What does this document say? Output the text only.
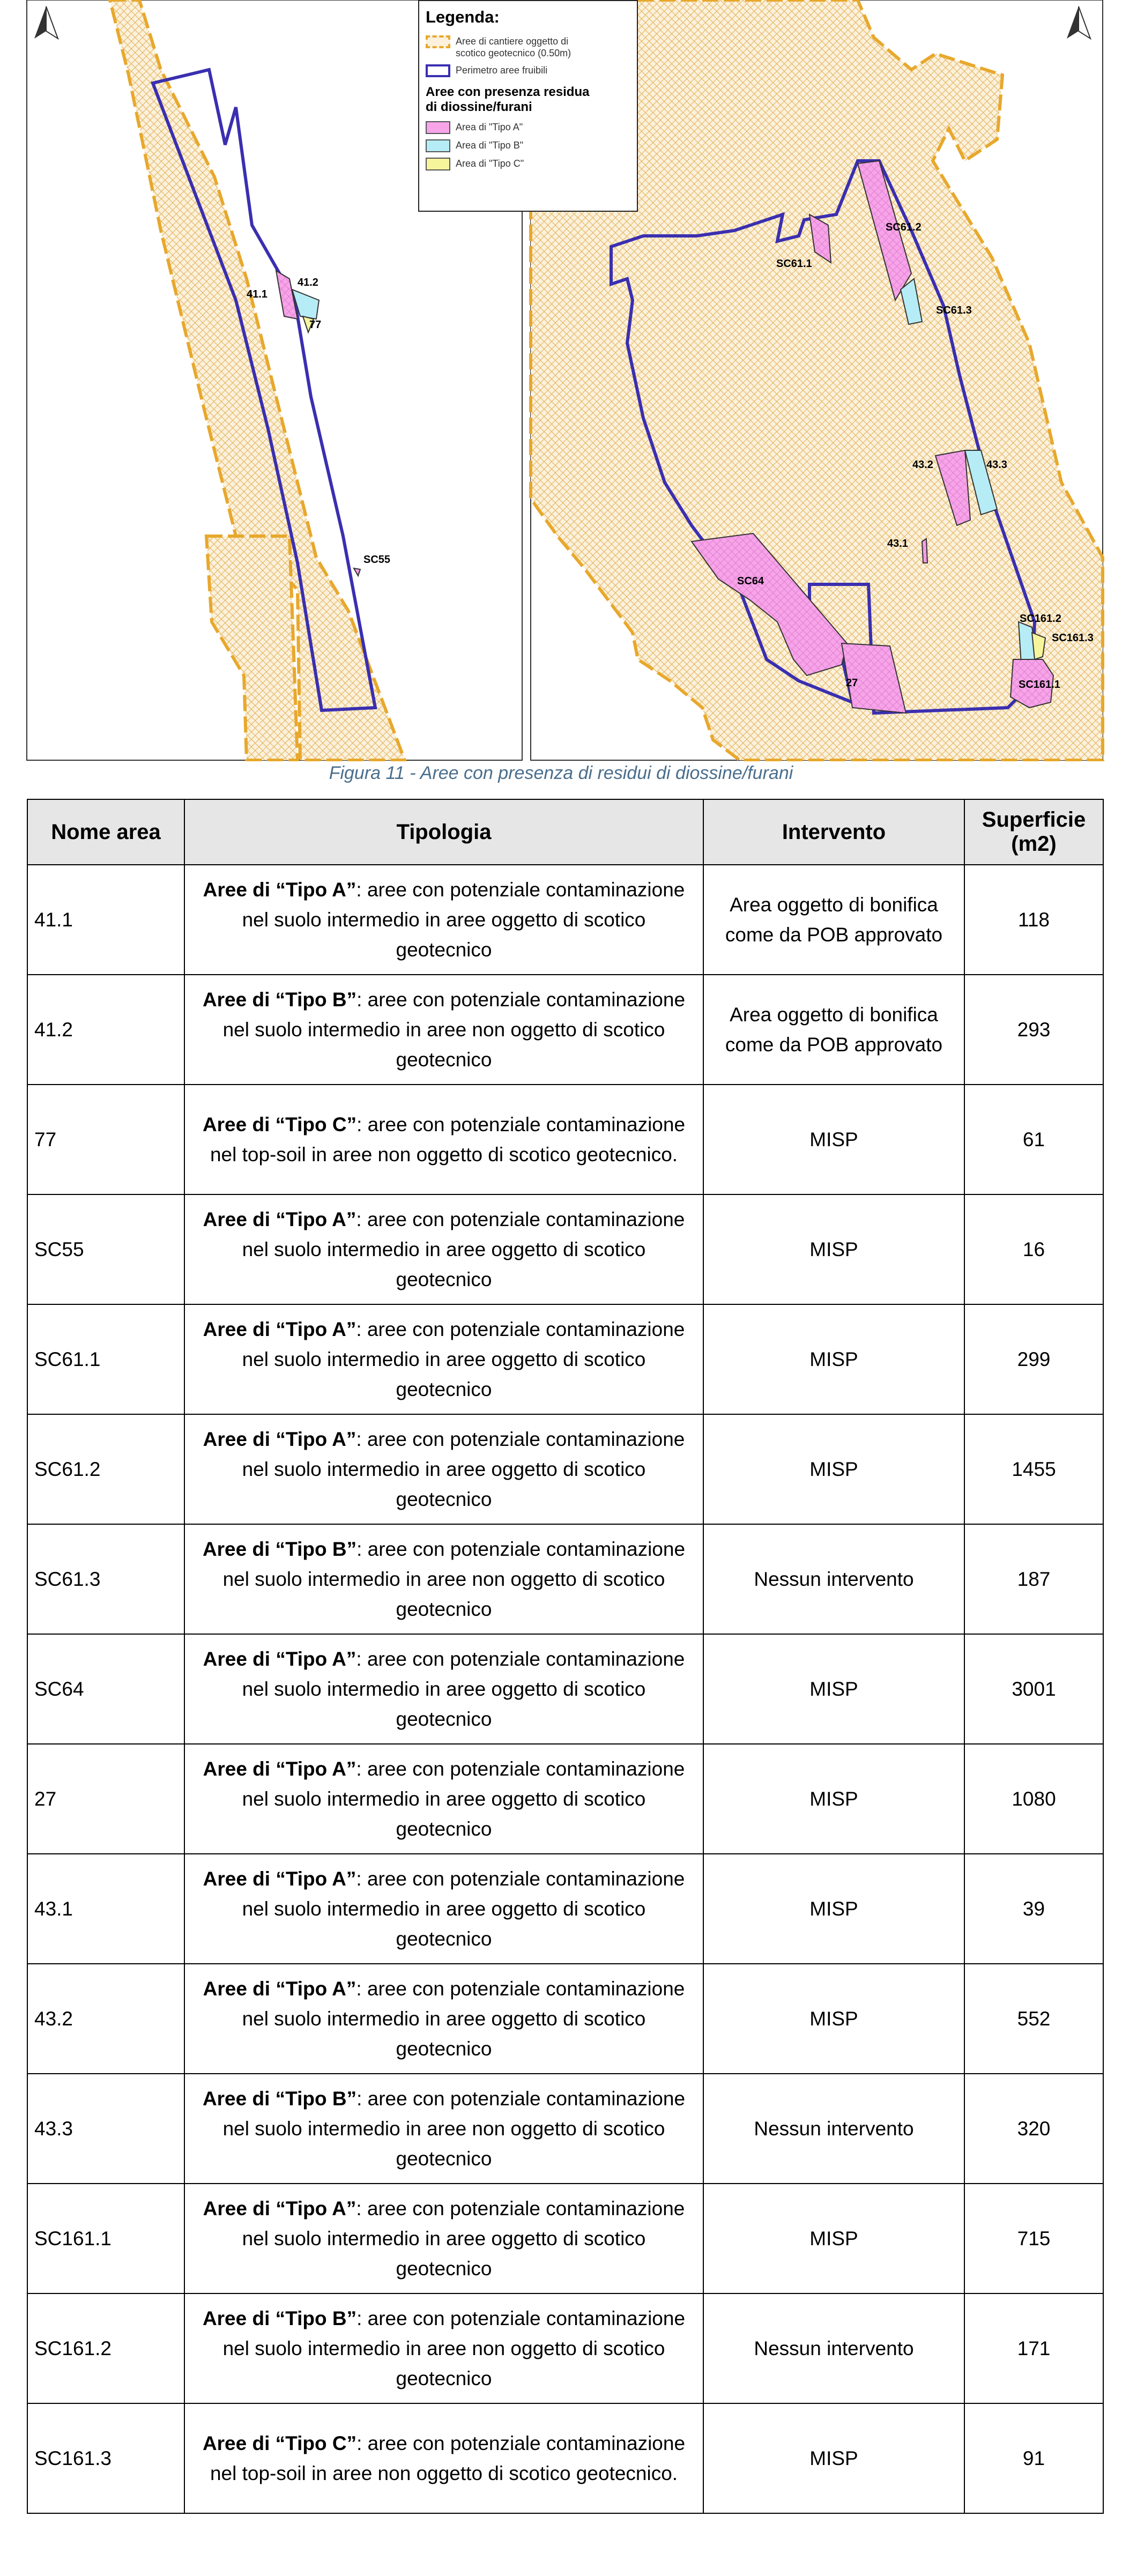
41.1
41.2
77
SC55
SC61.1
SC61.2
SC61.3
43.2	43.3
43.1
SC64
27
SC161.2
SC161.3
SC161.1
Legenda:
Aree di cantiere oggetto di
scotico geotecnico (0.50m)
Perimetro aree fruibili
Aree con presenza residua
di diossine/furani
Area di "Tipo A"
Area di "Tipo B"
Area di "Tipo C"
Figura 11 - Aree con presenza di residui di diossine/furani
Nome area	Tipologia	Intervento	Superficie (m2)
41.1	Aree di “Tipo A”: aree con potenziale contaminazione nel suolo intermedio in aree oggetto di scotico geotecnico	Area oggetto di bonifica come da POB approvato	118
41.2	Aree di “Tipo B”: aree con potenziale contaminazione nel suolo intermedio in aree non oggetto di scotico geotecnico	Area oggetto di bonifica come da POB approvato	293
77	Aree di “Tipo C”: aree con potenziale contaminazione nel top-soil in aree non oggetto di scotico geotecnico.	MISP	61
SC55	Aree di “Tipo A”: aree con potenziale contaminazione nel suolo intermedio in aree oggetto di scotico geotecnico	MISP	16
SC61.1	Aree di “Tipo A”: aree con potenziale contaminazione nel suolo intermedio in aree oggetto di scotico geotecnico	MISP	299
SC61.2	Aree di “Tipo A”: aree con potenziale contaminazione nel suolo intermedio in aree oggetto di scotico geotecnico	MISP	1455
SC61.3	Aree di “Tipo B”: aree con potenziale contaminazione nel suolo intermedio in aree non oggetto di scotico geotecnico	Nessun intervento	187
SC64	Aree di “Tipo A”: aree con potenziale contaminazione nel suolo intermedio in aree oggetto di scotico geotecnico	MISP	3001
27	Aree di “Tipo A”: aree con potenziale contaminazione nel suolo intermedio in aree oggetto di scotico geotecnico	MISP	1080
43.1	Aree di “Tipo A”: aree con potenziale contaminazione nel suolo intermedio in aree oggetto di scotico geotecnico	MISP	39
43.2	Aree di “Tipo A”: aree con potenziale contaminazione nel suolo intermedio in aree oggetto di scotico geotecnico	MISP	552
43.3	Aree di “Tipo B”: aree con potenziale contaminazione nel suolo intermedio in aree non oggetto di scotico geotecnico	Nessun intervento	320
SC161.1	Aree di “Tipo A”: aree con potenziale contaminazione nel suolo intermedio in aree oggetto di scotico geotecnico	MISP	715
SC161.2	Aree di “Tipo B”: aree con potenziale contaminazione nel suolo intermedio in aree non oggetto di scotico geotecnico	Nessun intervento	171
SC161.3	Aree di “Tipo C”: aree con potenziale contaminazione nel top-soil in aree non oggetto di scotico geotecnico.	MISP	91
